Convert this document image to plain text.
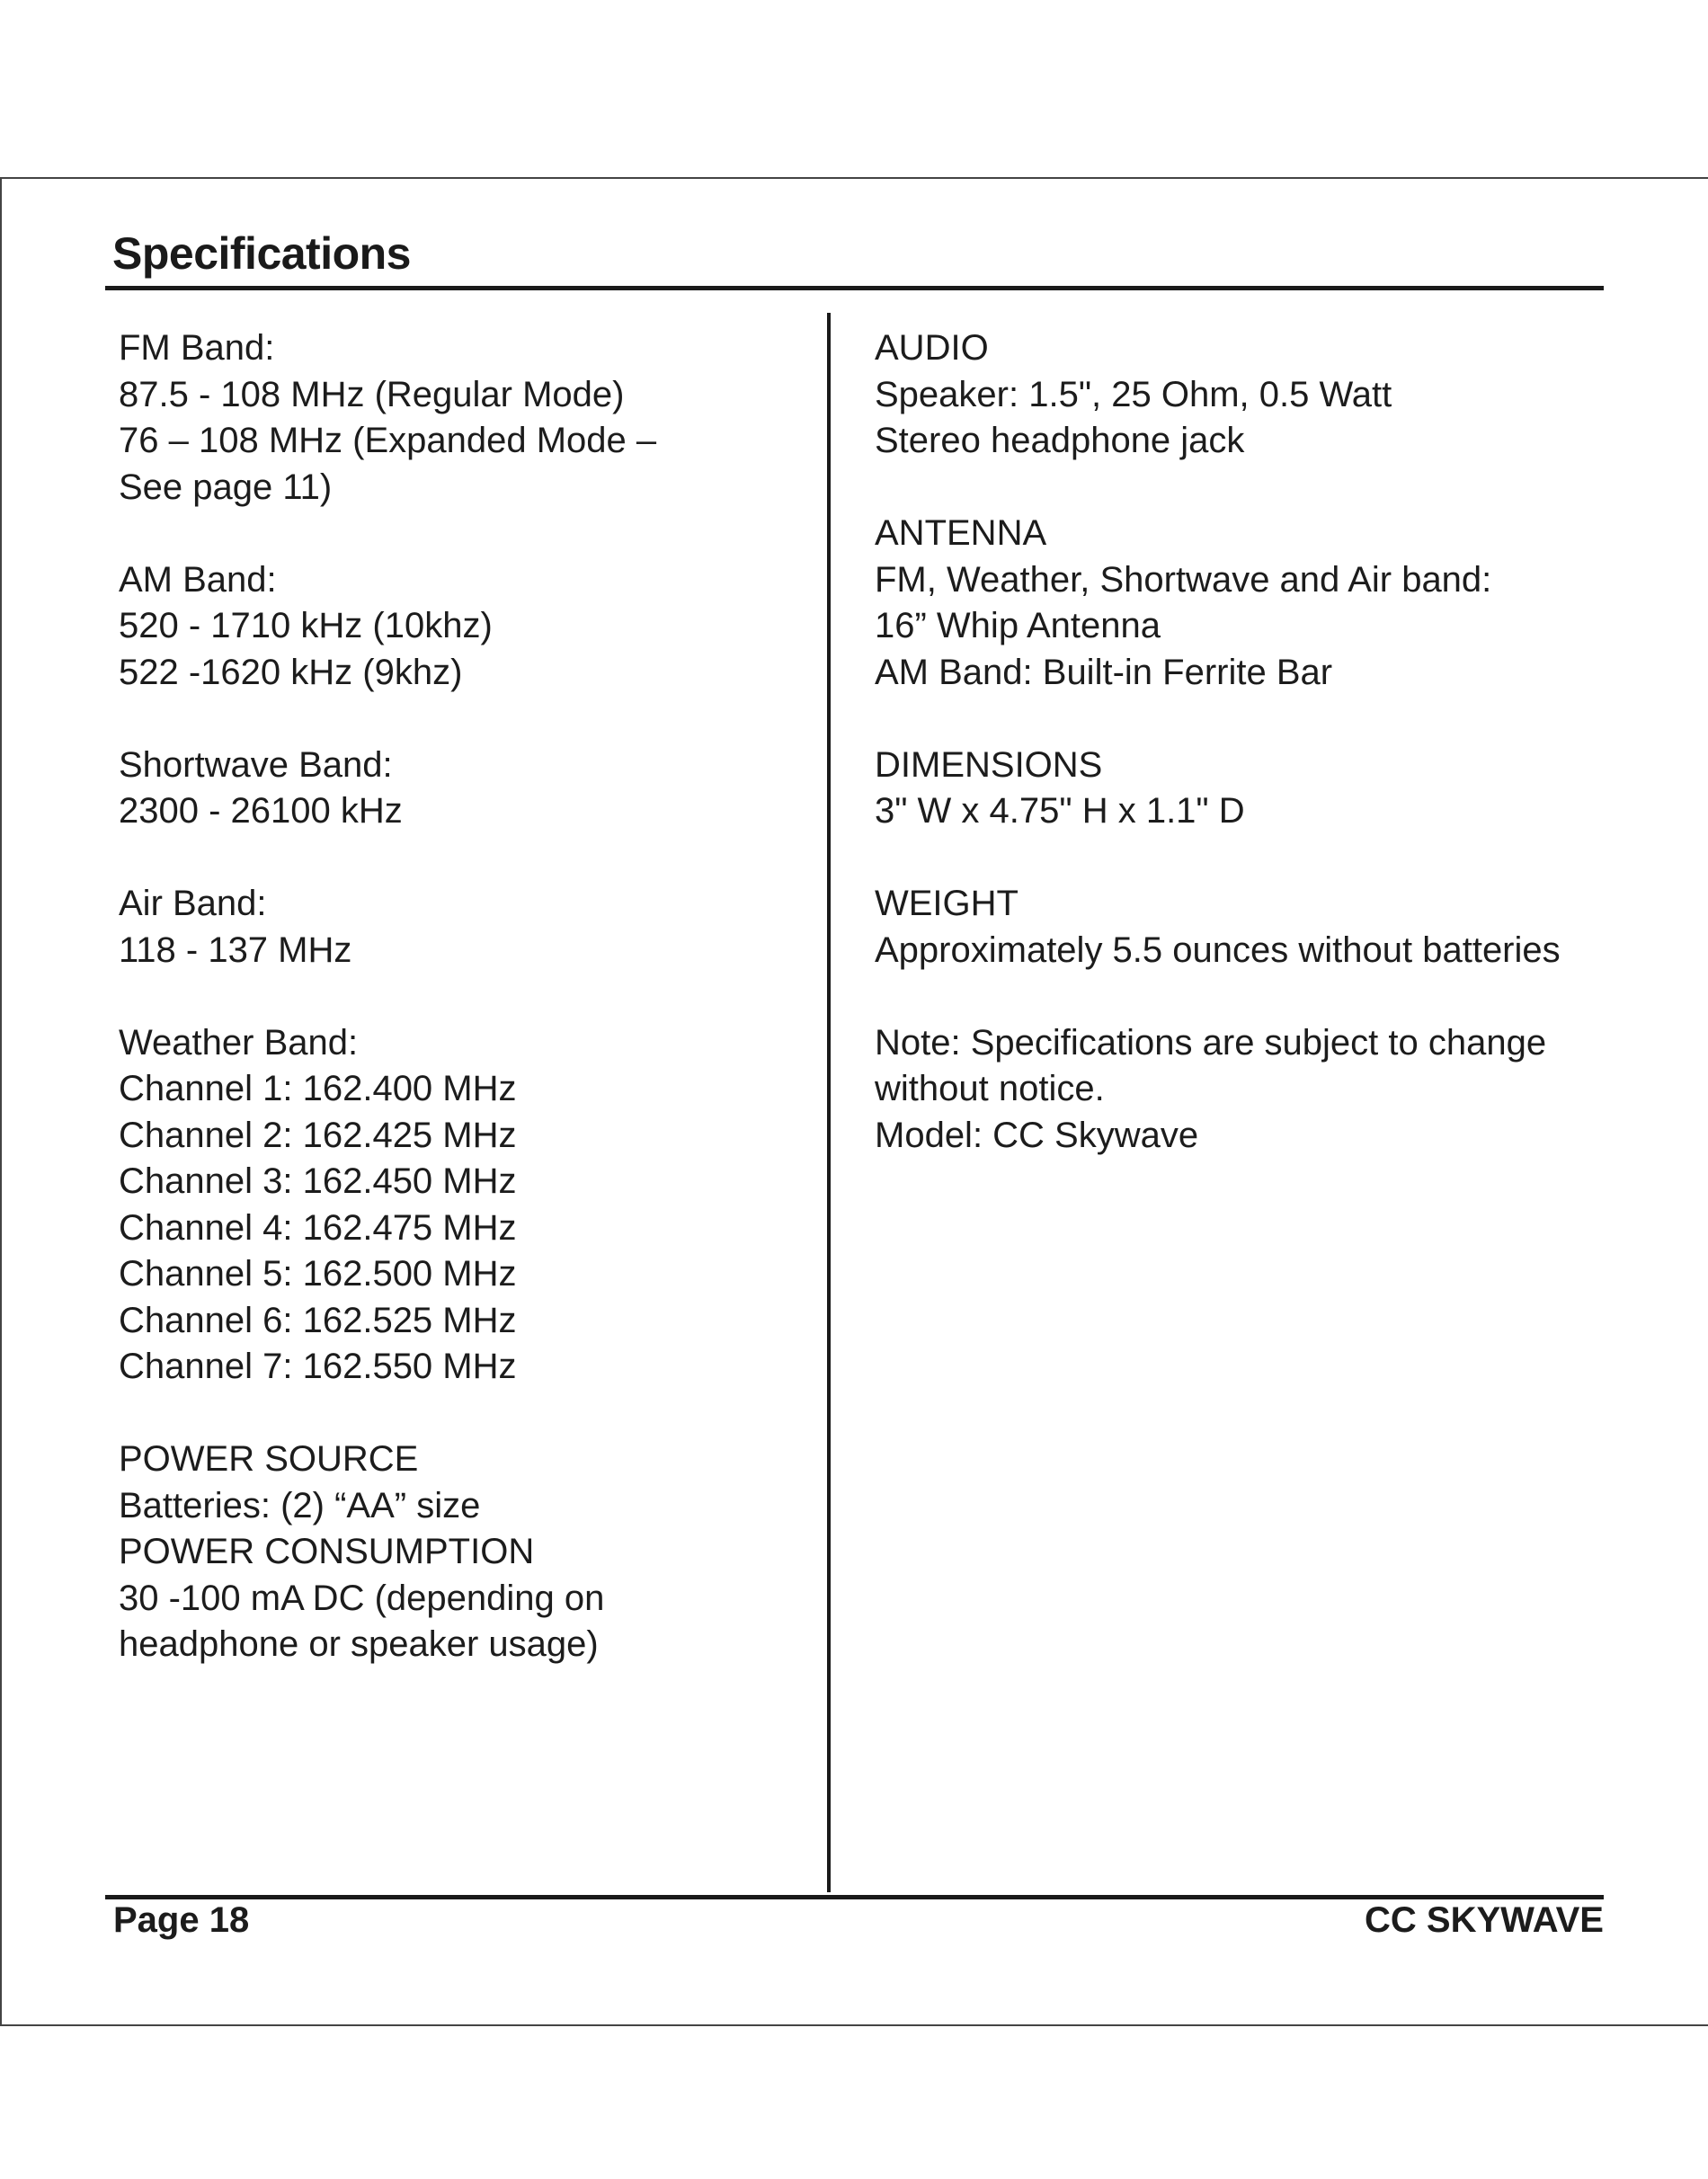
Specifications
FM Band:
87.5 - 108 MHz (Regular Mode)
76 – 108 MHz (Expanded Mode –
See page 11)
AM Band:
520 - 1710 kHz (10khz)
522 -1620 kHz (9khz)
Shortwave Band:
2300 - 26100 kHz
Air Band:
118 - 137 MHz
Weather Band:
Channel 1: 162.400 MHz
Channel 2: 162.425 MHz
Channel 3: 162.450 MHz
Channel 4: 162.475 MHz
Channel 5: 162.500 MHz
Channel 6: 162.525 MHz
Channel 7: 162.550 MHz
POWER SOURCE
Batteries: (2) “AA” size
POWER CONSUMPTION
30 -100 mA DC (depending on
headphone or speaker usage)
AUDIO
Speaker: 1.5", 25 Ohm, 0.5 Watt
Stereo headphone jack
ANTENNA
FM, Weather, Shortwave and Air band:
16” Whip Antenna
AM Band: Built-in Ferrite Bar
DIMENSIONS
3" W x 4.75" H x 1.1" D
WEIGHT
Approximately 5.5 ounces without batteries
Note: Specifications are subject to change
without notice.
Model: CC Skywave
Page 18	CC SKYWAVE
